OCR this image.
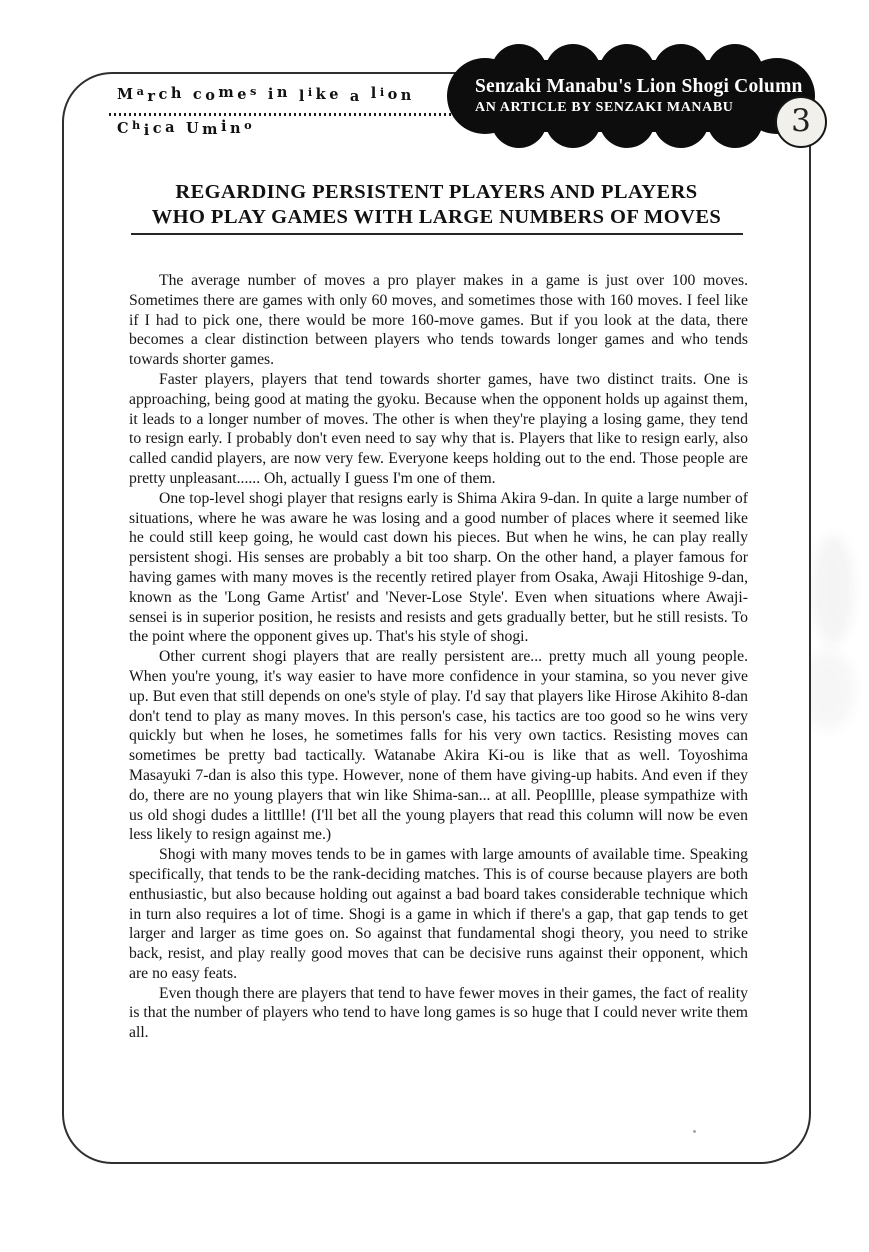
March comes in like a lion
Chica Umino
REGARDING PERSISTENT PLAYERS AND PLAYERS
WHO PLAY GAMES WITH LARGE NUMBERS OF MOVES

The average number of moves a pro player makes in a game is just over 100 moves. Sometimes there are games with only 60 moves, and sometimes those with 160 moves. I feel like if I had to pick one, there would be more 160-move games. But if you look at the data, there becomes a clear distinction between players who tends towards longer games and who tends towards shorter games.

Faster players, players that tend towards shorter games, have two distinct traits. One is approaching, being good at mating the gyoku. Because when the opponent holds up against them, it leads to a longer number of moves. The other is when they're playing a losing game, they tend to resign early. I probably don't even need to say why that is. Players that like to resign early, also called candid players, are now very few. Everyone keeps holding out to the end. Those people are pretty unpleasant...... Oh, actually I guess I'm one of them.

One top-level shogi player that resigns early is Shima Akira 9-dan. In quite a large number of situations, where he was aware he was losing and a good number of places where it seemed like he could still keep going, he would cast down his pieces. But when he wins, he can play really persistent shogi. His senses are probably a bit too sharp. On the other hand, a player famous for having games with many moves is the recently retired player from Osaka, Awaji Hitoshige 9-dan, known as the 'Long Game Artist' and 'Never-Lose Style'. Even when situations where Awaji-sensei is in superior position, he resists and resists and gets gradually better, but he still resists. To the point where the opponent gives up. That's his style of shogi.

Other current shogi players that are really persistent are... pretty much all young people. When you're young, it's way easier to have more confidence in your stamina, so you never give up. But even that still depends on one's style of play. I'd say that players like Hirose Akihito 8-dan don't tend to play as many moves. In this person's case, his tactics are too good so he wins very quickly but when he loses, he sometimes falls for his very own tactics. Resisting moves can sometimes be pretty bad tactically. Watanabe Akira Ki-ou is like that as well. Toyoshima Masayuki 7-dan is also this type. However, none of them have giving-up habits. And even if they do, there are no young players that win like Shima-san... at all. Peoplllle, please sympathize with us old shogi dudes a littllle! (I'll bet all the young players that read this column will now be even less likely to resign against me.)

Shogi with many moves tends to be in games with large amounts of available time. Speaking specifically, that tends to be the rank-deciding matches. This is of course because players are both enthusiastic, but also because holding out against a bad board takes considerable technique which in turn also requires a lot of time. Shogi is a game in which if there's a gap, that gap tends to get larger and larger as time goes on. So against that fundamental shogi theory, you need to strike back, resist, and play really good moves that can be decisive runs against their opponent, which are no easy feats.

Even though there are players that tend to have fewer moves in their games, the fact of reality is that the number of players who tend to have long games is so huge that I could never write them all.

Senzaki Manabu's Lion Shogi Column
AN ARTICLE BY SENZAKI MANABU	3
